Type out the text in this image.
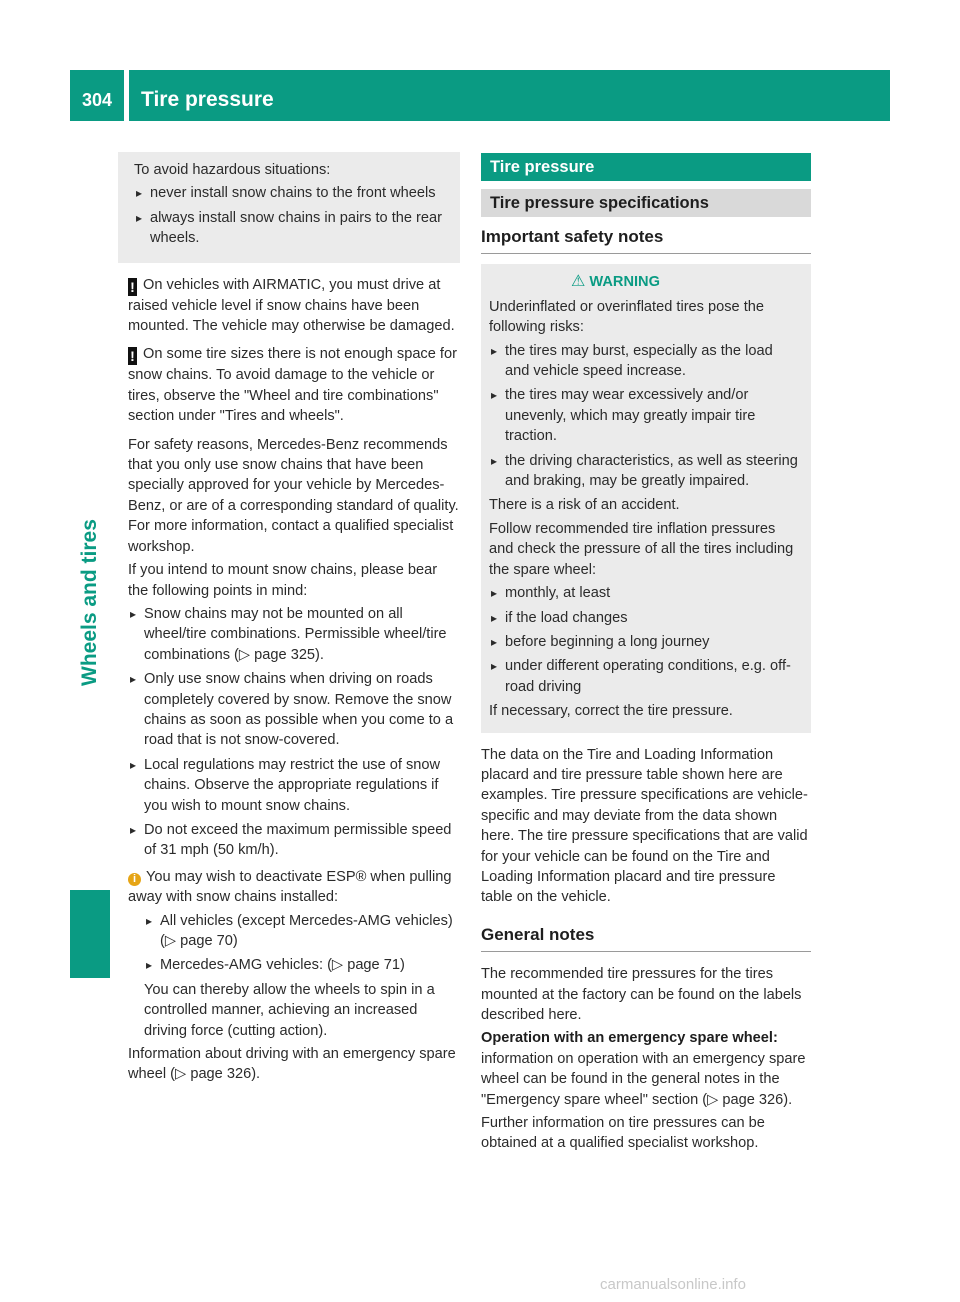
304	Tire pressure
Wheels and tires

To avoid hazardous situations:

▸ never install snow chains to the front wheels
▸ always install snow chains in pairs to the rear wheels.

! On vehicles with AIRMATIC, you must drive at raised vehicle level if snow chains have been mounted. The vehicle may otherwise be damaged.

! On some tire sizes there is not enough space for snow chains. To avoid damage to the vehicle or tires, observe the "Wheel and tire combinations" section under "Tires and wheels".

For safety reasons, Mercedes-Benz recommends that you only use snow chains that have been specially approved for your vehicle by Mercedes-Benz, or are of a corresponding standard of quality. For more information, contact a qualified specialist workshop.

If you intend to mount snow chains, please bear the following points in mind:

▸ Snow chains may not be mounted on all wheel/tire combinations. Permissible wheel/tire combinations (▷ page 325).
▸ Only use snow chains when driving on roads completely covered by snow. Remove the snow chains as soon as possible when you come to a road that is not snow-covered.
▸ Local regulations may restrict the use of snow chains. Observe the appropriate regulations if you wish to mount snow chains.
▸ Do not exceed the maximum permissible speed of 31 mph (50 km/h).

i You may wish to deactivate ESP® when pulling away with snow chains installed:

▸ All vehicles (except Mercedes-AMG vehicles) (▷ page 70)
▸ Mercedes-AMG vehicles: (▷ page 71)

You can thereby allow the wheels to spin in a controlled manner, achieving an increased driving force (cutting action).

Information about driving with an emergency spare wheel (▷ page 326).

Tire pressure
Tire pressure specifications
Important safety notes
⚠ WARNING

Underinflated or overinflated tires pose the following risks:

▸ the tires may burst, especially as the load and vehicle speed increase.
▸ the tires may wear excessively and/or unevenly, which may greatly impair tire traction.
▸ the driving characteristics, as well as steering and braking, may be greatly impaired.

There is a risk of an accident.

Follow recommended tire inflation pressures and check the pressure of all the tires including the spare wheel:

▸ monthly, at least
▸ if the load changes
▸ before beginning a long journey
▸ under different operating conditions, e.g. off-road driving

If necessary, correct the tire pressure.

The data on the Tire and Loading Information placard and tire pressure table shown here are examples. Tire pressure specifications are vehicle-specific and may deviate from the data shown here. The tire pressure specifications that are valid for your vehicle can be found on the Tire and Loading Information placard and tire pressure table on the vehicle.

General notes

The recommended tire pressures for the tires mounted at the factory can be found on the labels described here.

Operation with an emergency spare wheel:

information on operation with an emergency spare wheel can be found in the general notes in the "Emergency spare wheel" section (▷ page 326).

Further information on tire pressures can be obtained at a qualified specialist workshop.

carmanualsonline.info
